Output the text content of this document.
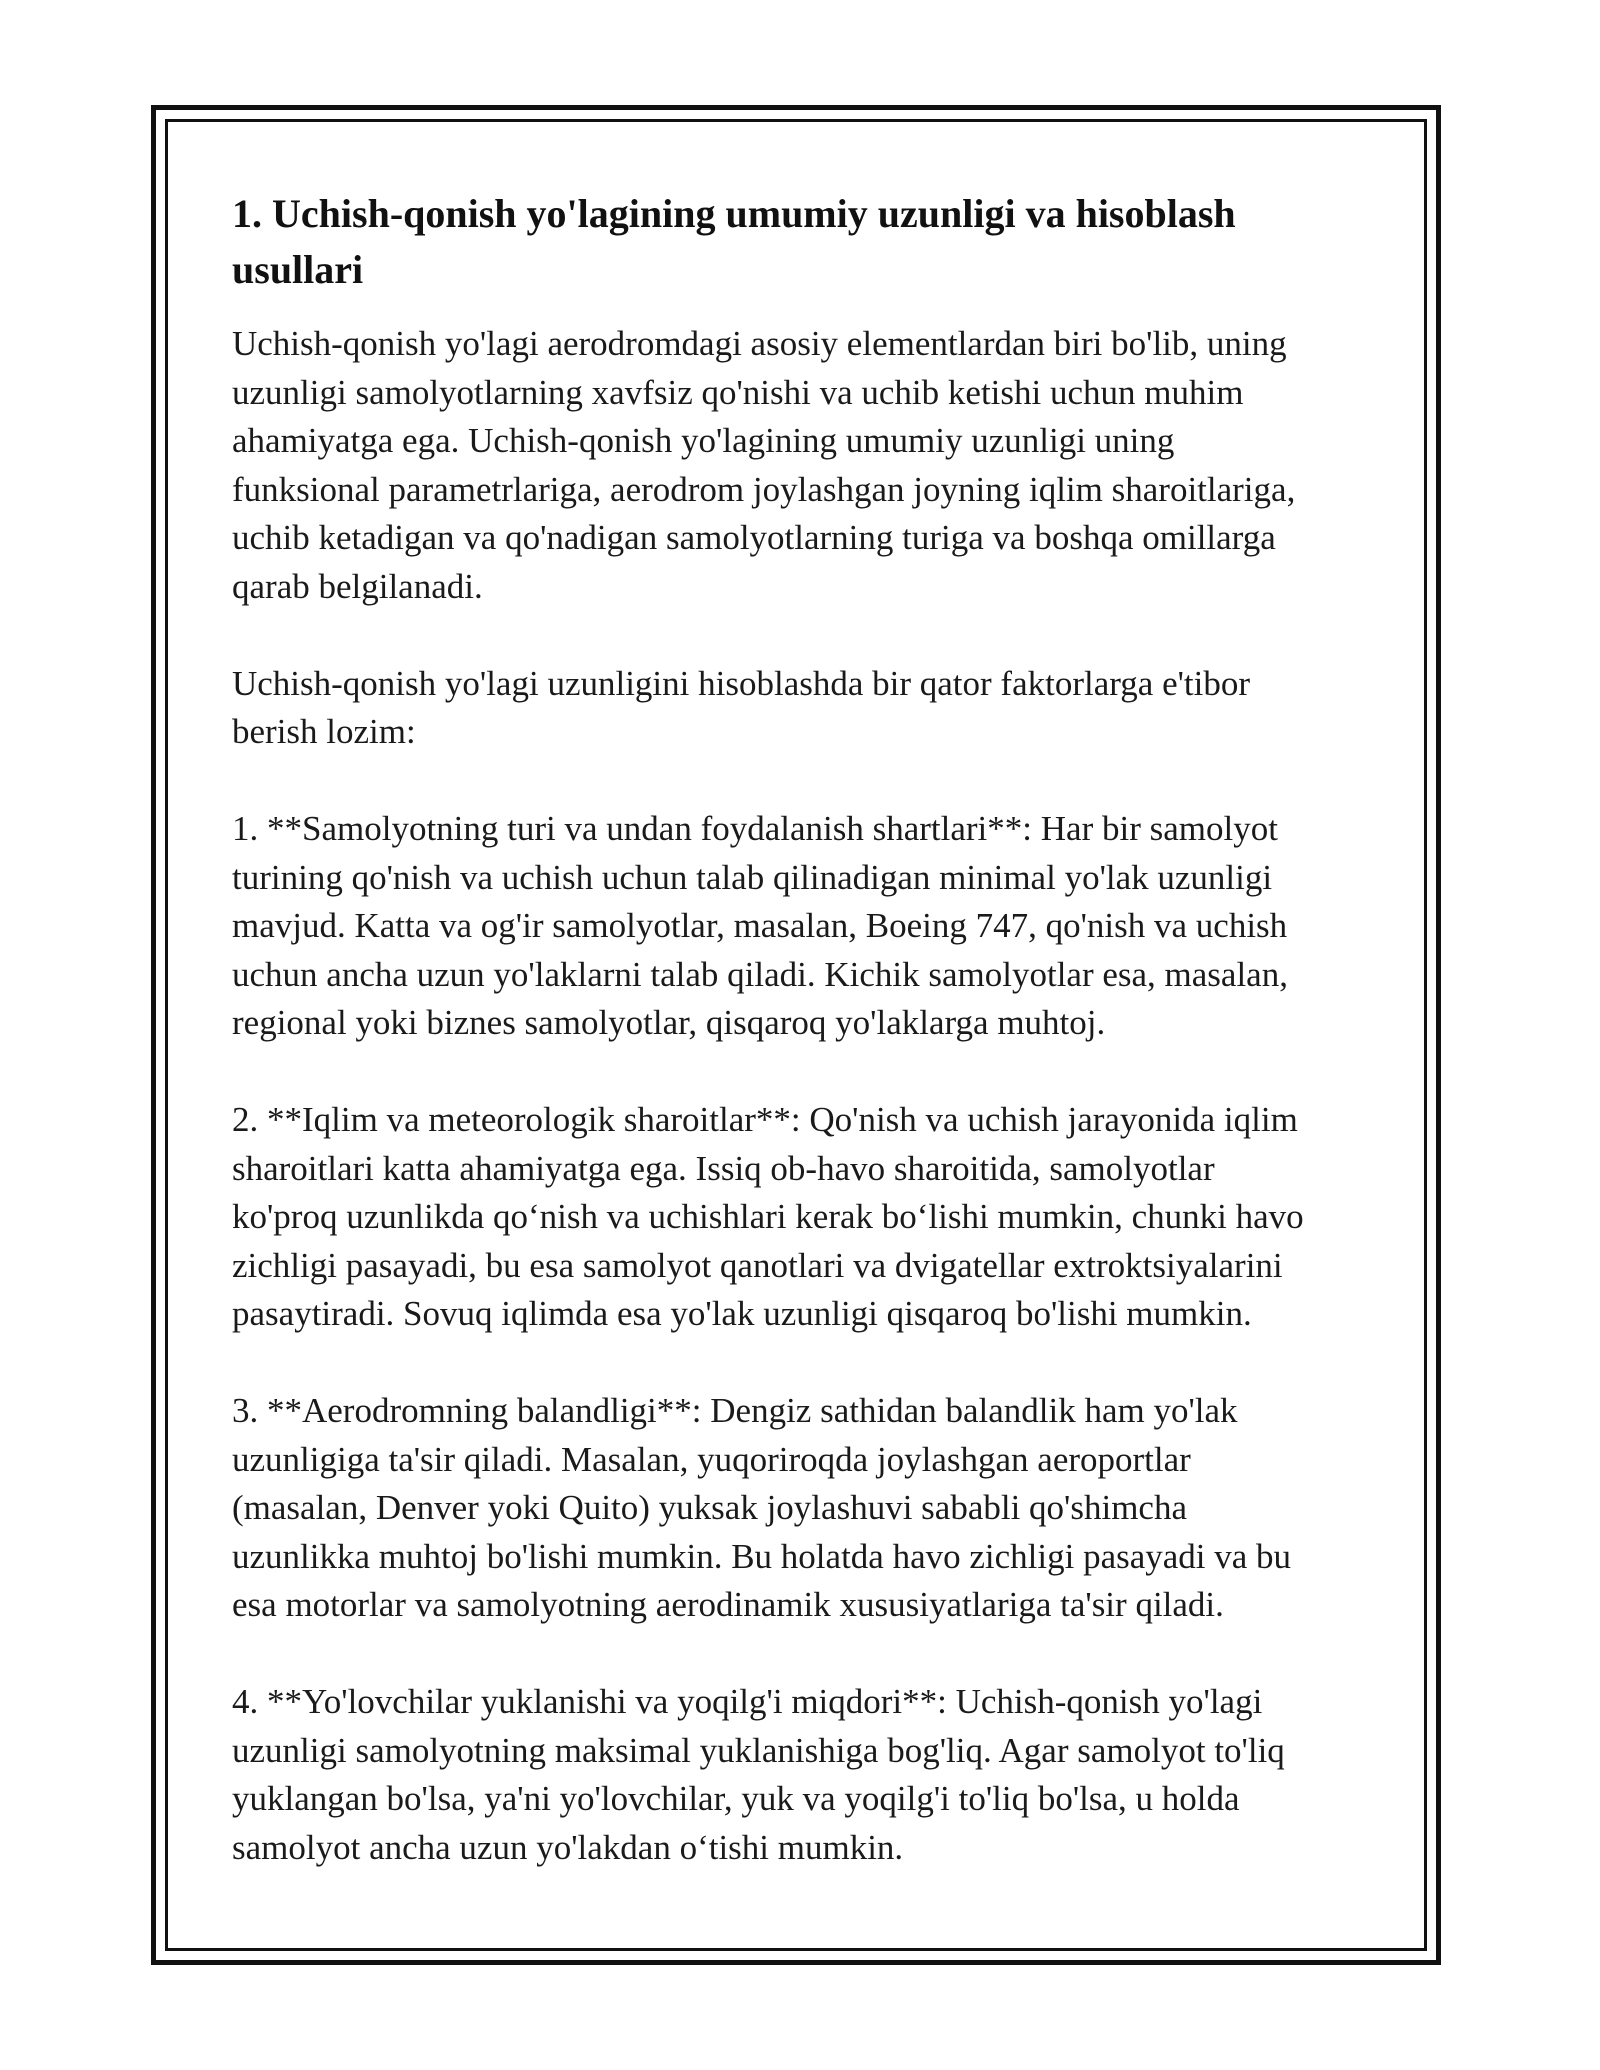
1. Uchish-qonish yo'lagining umumiy uzunligi va hisoblash
usullari

Uchish-qonish yo'lagi aerodromdagi asosiy elementlardan biri bo'lib, uning
uzunligi samolyotlarning xavfsiz qo'nishi va uchib ketishi uchun muhim
ahamiyatga ega. Uchish-qonish yo'lagining umumiy uzunligi uning
funksional parametrlariga, aerodrom joylashgan joyning iqlim sharoitlariga,
uchib ketadigan va qo'nadigan samolyotlarning turiga va boshqa omillarga
qarab belgilanadi.

Uchish-qonish yo'lagi uzunligini hisoblashda bir qator faktorlarga e'tibor
berish lozim:

1. **Samolyotning turi va undan foydalanish shartlari**: Har bir samolyot
turining qo'nish va uchish uchun talab qilinadigan minimal yo'lak uzunligi
mavjud. Katta va og'ir samolyotlar, masalan, Boeing 747, qo'nish va uchish
uchun ancha uzun yo'laklarni talab qiladi. Kichik samolyotlar esa, masalan,
regional yoki biznes samolyotlar, qisqaroq yo'laklarga muhtoj.

2. **Iqlim va meteorologik sharoitlar**: Qo'nish va uchish jarayonida iqlim
sharoitlari katta ahamiyatga ega. Issiq ob-havo sharoitida, samolyotlar
ko'proq uzunlikda qo‘nish va uchishlari kerak bo‘lishi mumkin, chunki havo
zichligi pasayadi, bu esa samolyot qanotlari va dvigatellar extroktsiyalarini
pasaytiradi. Sovuq iqlimda esa yo'lak uzunligi qisqaroq bo'lishi mumkin.

3. **Aerodromning balandligi**: Dengiz sathidan balandlik ham yo'lak
uzunligiga ta'sir qiladi. Masalan, yuqoriroqda joylashgan aeroportlar
(masalan, Denver yoki Quito) yuksak joylashuvi sababli qo'shimcha
uzunlikka muhtoj bo'lishi mumkin. Bu holatda havo zichligi pasayadi va bu
esa motorlar va samolyotning aerodinamik xususiyatlariga ta'sir qiladi.

4. **Yo'lovchilar yuklanishi va yoqilg'i miqdori**: Uchish-qonish yo'lagi
uzunligi samolyotning maksimal yuklanishiga bog'liq. Agar samolyot to'liq
yuklangan bo'lsa, ya'ni yo'lovchilar, yuk va yoqilg'i to'liq bo'lsa, u holda
samolyot ancha uzun yo'lakdan o‘tishi mumkin.
